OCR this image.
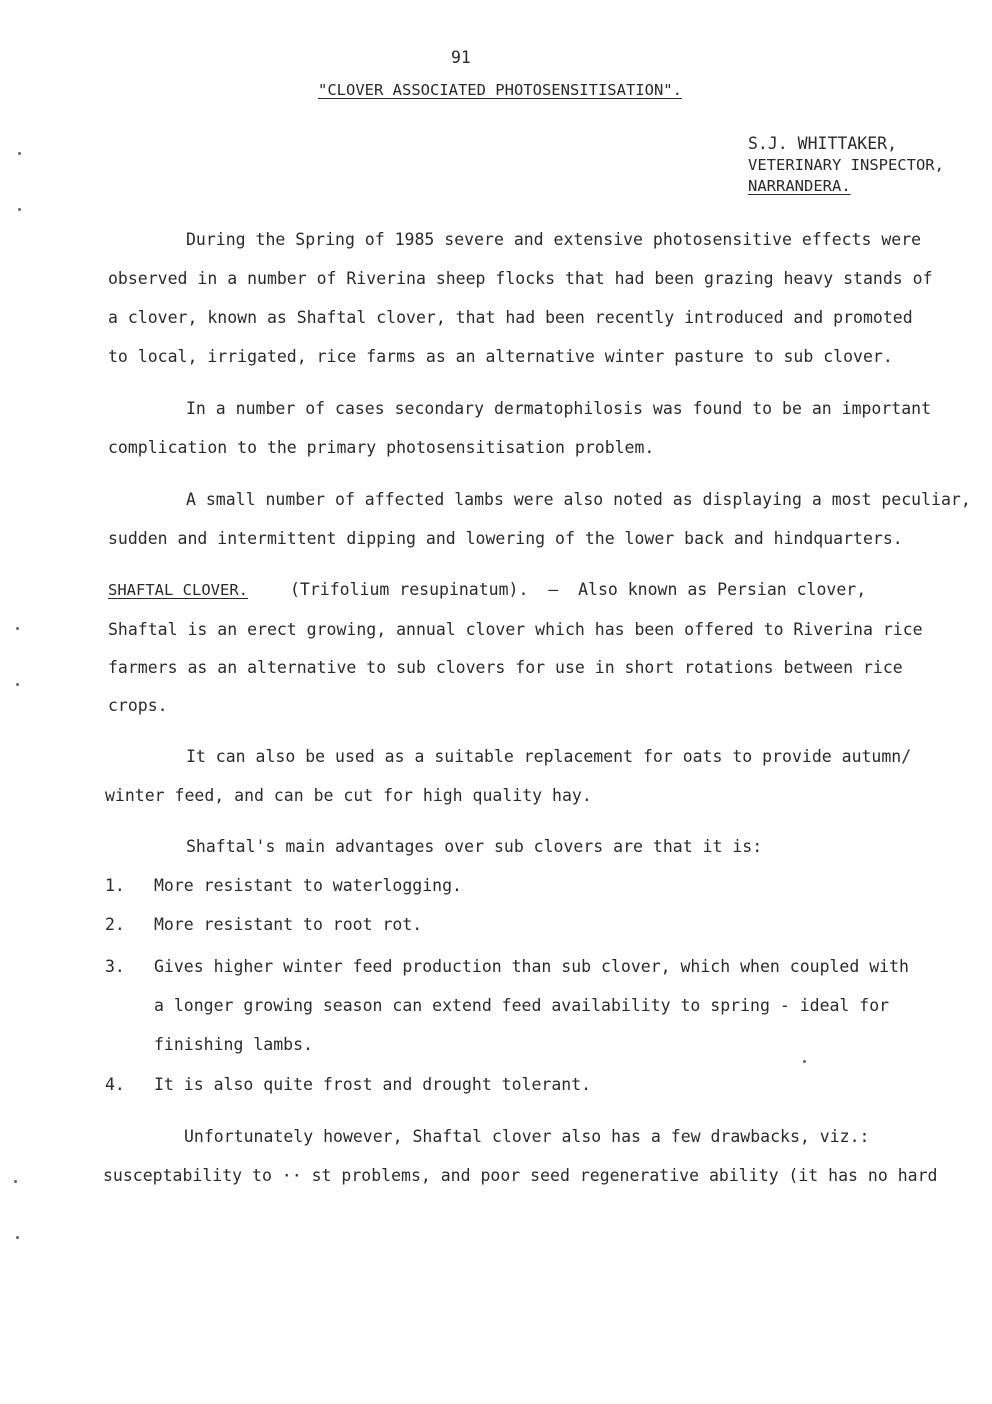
91
"CLOVER ASSOCIATED PHOTOSENSITISATION".
S.J. WHITTAKER,
VETERINARY INSPECTOR,
NARRANDERA.
During the Spring of 1985 severe and extensive photosensitive effects were
observed in a number of Riverina sheep flocks that had been grazing heavy stands of
a clover, known as Shaftal clover, that had been recently introduced and promoted
to local, irrigated, rice farms as an alternative winter pasture to sub clover.
In a number of cases secondary dermatophilosis was found to be an important
complication to the primary photosensitisation problem.
A small number of affected lambs were also noted as displaying a most peculiar,
sudden and intermittent dipping and lowering of the lower back and hindquarters.
SHAFTAL CLOVER.	(Trifolium resupinatum).  –  Also known as Persian clover,
Shaftal is an erect growing, annual clover which has been offered to Riverina rice
farmers as an alternative to sub clovers for use in short rotations between rice
crops.
It can also be used as a suitable replacement for oats to provide autumn/
winter feed, and can be cut for high quality hay.
Shaftal's main advantages over sub clovers are that it is:
1. More resistant to waterlogging.
2. More resistant to root rot.
3. Gives higher winter feed production than sub clover, which when coupled with
a longer growing season can extend feed availability to spring - ideal for
finishing lambs.
4. It is also quite frost and drought tolerant.
Unfortunately however, Shaftal clover also has a few drawbacks, viz.:
susceptability to ·· st problems, and poor seed regenerative ability (it has no hard
